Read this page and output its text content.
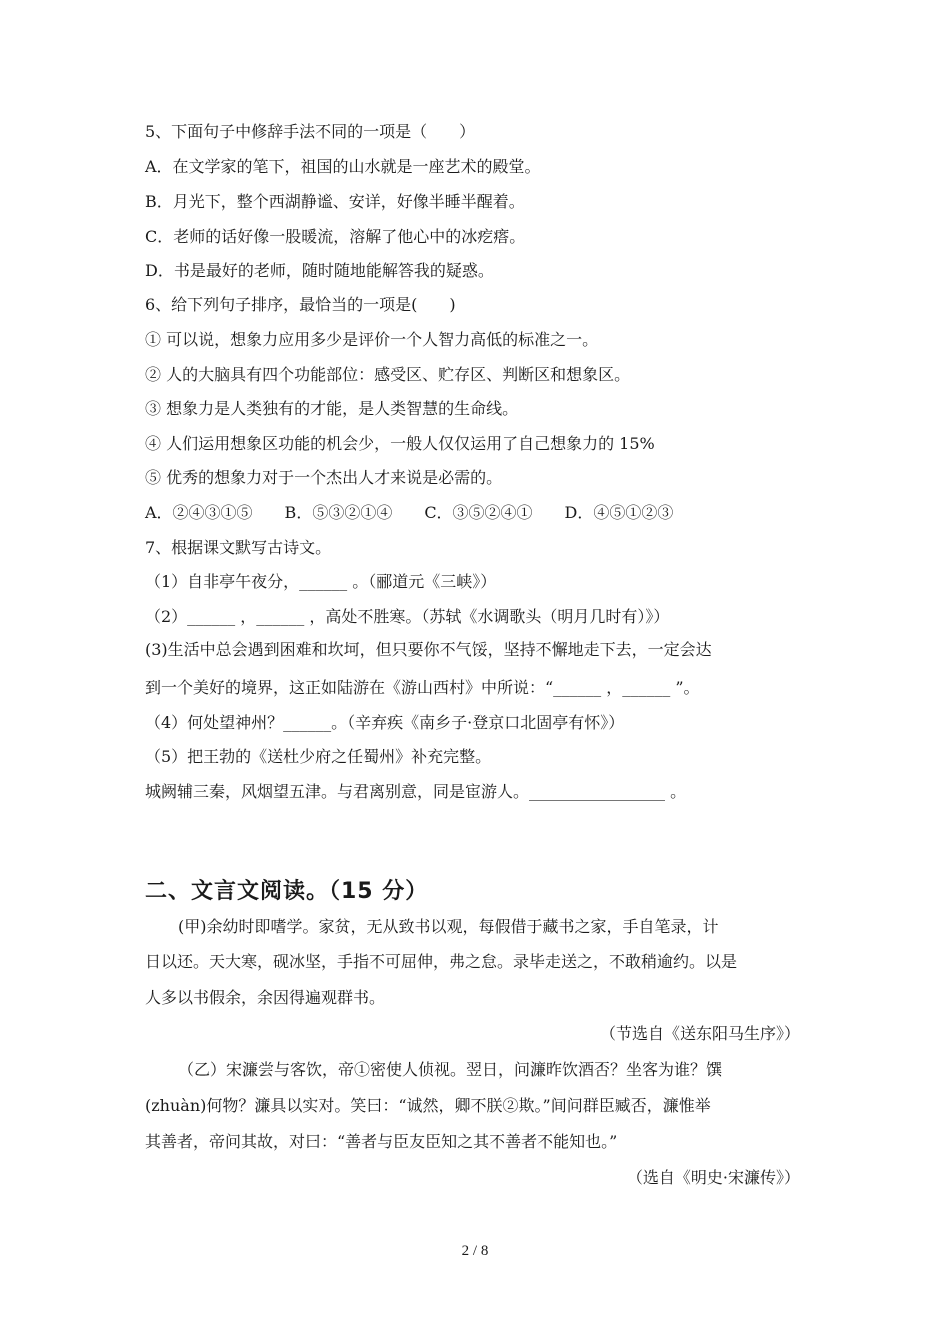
5、下面句子中修辞手法不同的一项是（　　）
A．在文学家的笔下，祖国的山水就是一座艺术的殿堂。
B．月光下，整个西湖静谧、安详，好像半睡半醒着。
C．老师的话好像一股暖流，溶解了他心中的冰疙瘩。
D．书是最好的老师，随时随地能解答我的疑惑。
6、给下列句子排序，最恰当的一项是(　　)
① 可以说，想象力应用多少是评价一个人智力高低的标准之一。
② 人的大脑具有四个功能部位：感受区、贮存区、判断区和想象区。
③ 想象力是人类独有的才能，是人类智慧的生命线。
④ 人们运用想象区功能的机会少，一般人仅仅运用了自己想象力的 15%
⑤ 优秀的想象力对于一个杰出人才来说是必需的。
A．②④③①⑤　　B．⑤③②①④　　C．③⑤②④①　　D．④⑤①②③
7、根据课文默写古诗文。
（1）自非亭午夜分，______ 。（郦道元《三峡》）
（2）______ ，______ ，高处不胜寒。（苏轼《水调歌头（明月几时有）》）
(3)生活中总会遇到困难和坎坷，但只要你不气馁，坚持不懈地走下去，一定会达
到一个美好的境界，这正如陆游在《游山西村》中所说：“______ ，______ ”。
（4）何处望神州？______。（辛弃疾《南乡子·登京口北固亭有怀》）
（5）把王勃的《送杜少府之任蜀州》补充完整。
城阙辅三秦，风烟望五津。与君离别意，同是宦游人。_________________ 。
二、文言文阅读。（15 分）
(甲)余幼时即嗜学。家贫，无从致书以观，每假借于藏书之家，手自笔录，计
日以还。天大寒，砚冰坚，手指不可屈伸，弗之怠。录毕走送之，不敢稍逾约。以是
人多以书假余，余因得遍观群书。
（节选自《送东阳马生序》）
（乙）宋濂尝与客饮，帝①密使人侦视。翌日，问濂昨饮酒否？坐客为谁？馔
(zhuàn)何物？濂具以实对。笑曰：“诚然，卿不朕②欺。”间问群臣臧否，濂惟举
其善者，帝问其故，对曰：“善者与臣友臣知之其不善者不能知也。”
（选自《明史·宋濂传》）
2 / 8
